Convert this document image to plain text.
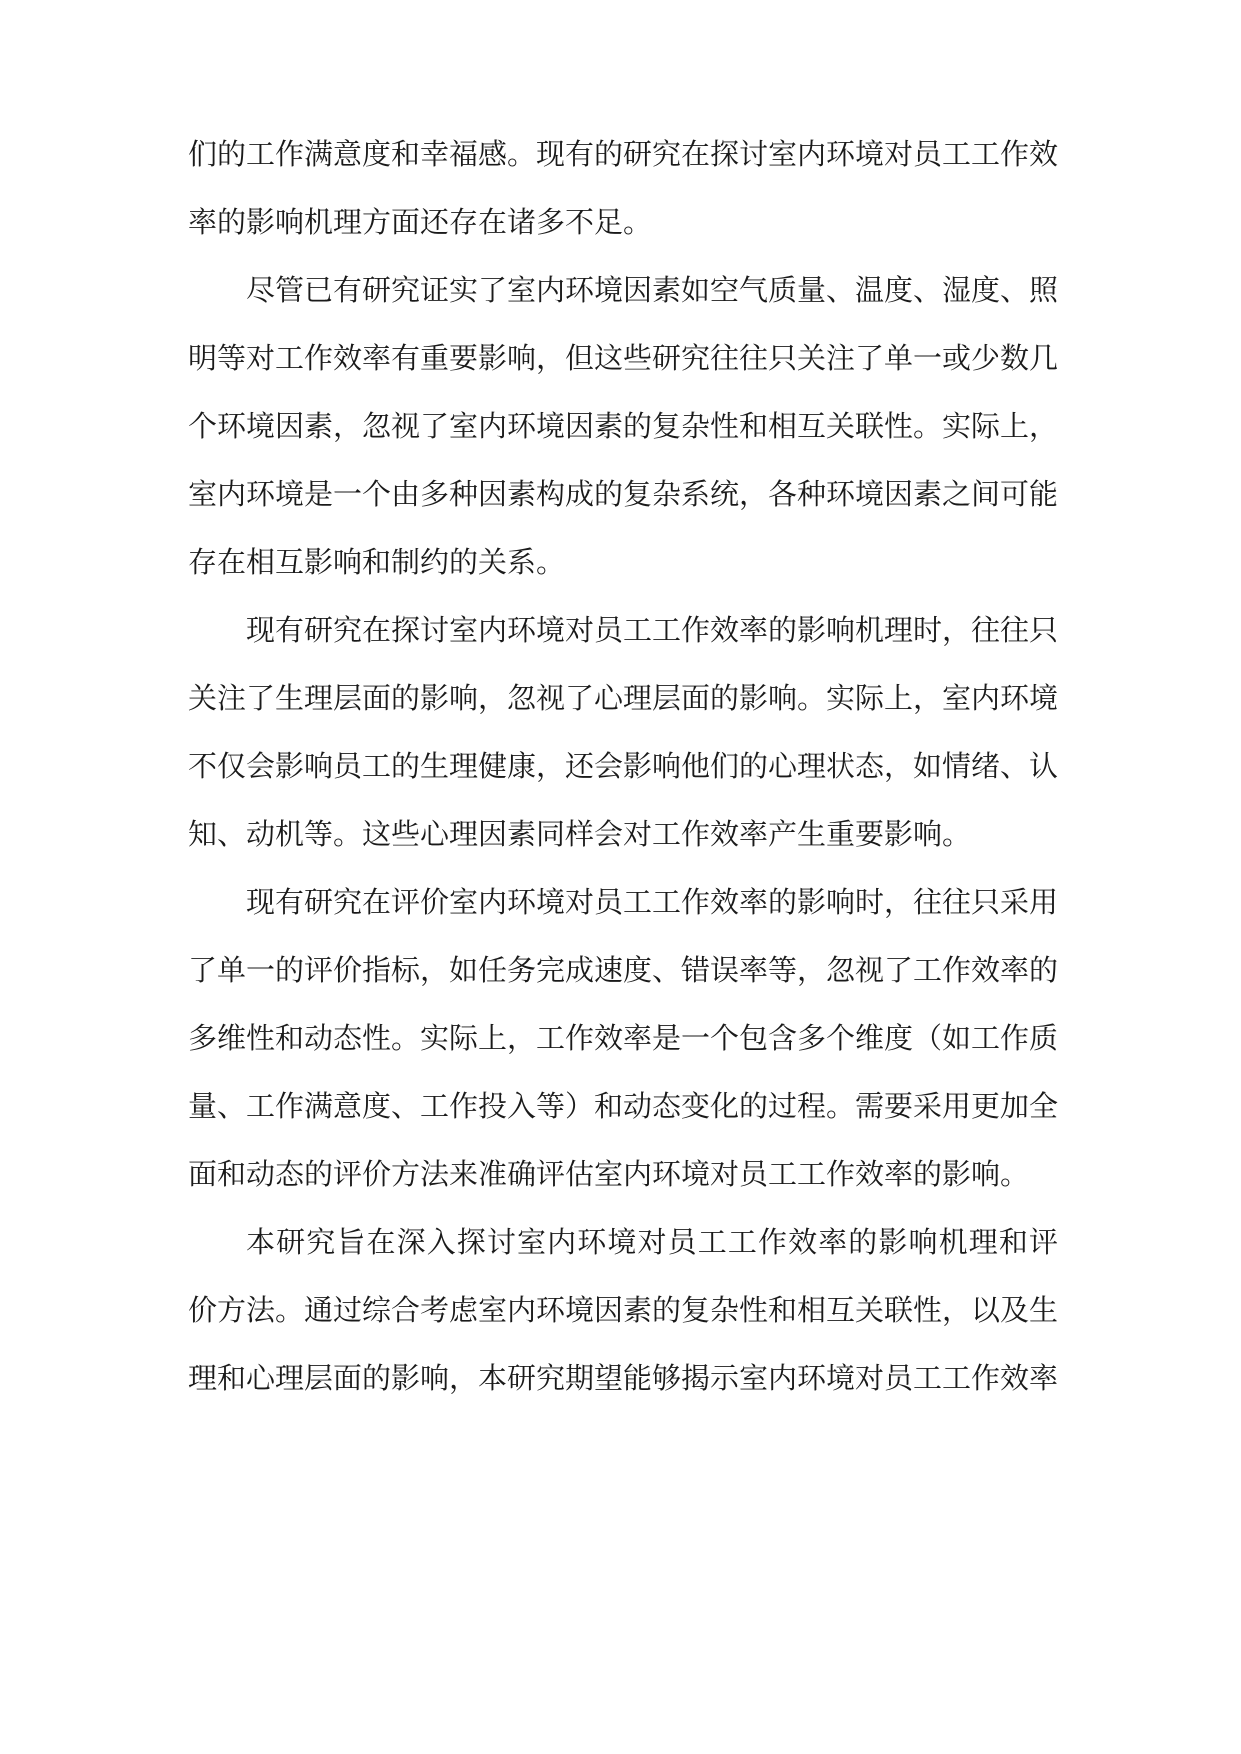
们的工作满意度和幸福感。现有的研究在探讨室内环境对员工工作效
率的影响机理方面还存在诸多不足。
尽管已有研究证实了室内环境因素如空气质量、温度、湿度、照
明等对工作效率有重要影响，但这些研究往往只关注了单一或少数几
个环境因素，忽视了室内环境因素的复杂性和相互关联性。实际上，
室内环境是一个由多种因素构成的复杂系统，各种环境因素之间可能
存在相互影响和制约的关系。
现有研究在探讨室内环境对员工工作效率的影响机理时，往往只
关注了生理层面的影响，忽视了心理层面的影响。实际上，室内环境
不仅会影响员工的生理健康，还会影响他们的心理状态，如情绪、认
知、动机等。这些心理因素同样会对工作效率产生重要影响。
现有研究在评价室内环境对员工工作效率的影响时，往往只采用
了单一的评价指标，如任务完成速度、错误率等，忽视了工作效率的
多维性和动态性。实际上，工作效率是一个包含多个维度（如工作质
量、工作满意度、工作投入等）和动态变化的过程。需要采用更加全
面和动态的评价方法来准确评估室内环境对员工工作效率的影响。
本研究旨在深入探讨室内环境对员工工作效率的影响机理和评
价方法。通过综合考虑室内环境因素的复杂性和相互关联性，以及生
理和心理层面的影响，本研究期望能够揭示室内环境对员工工作效率
